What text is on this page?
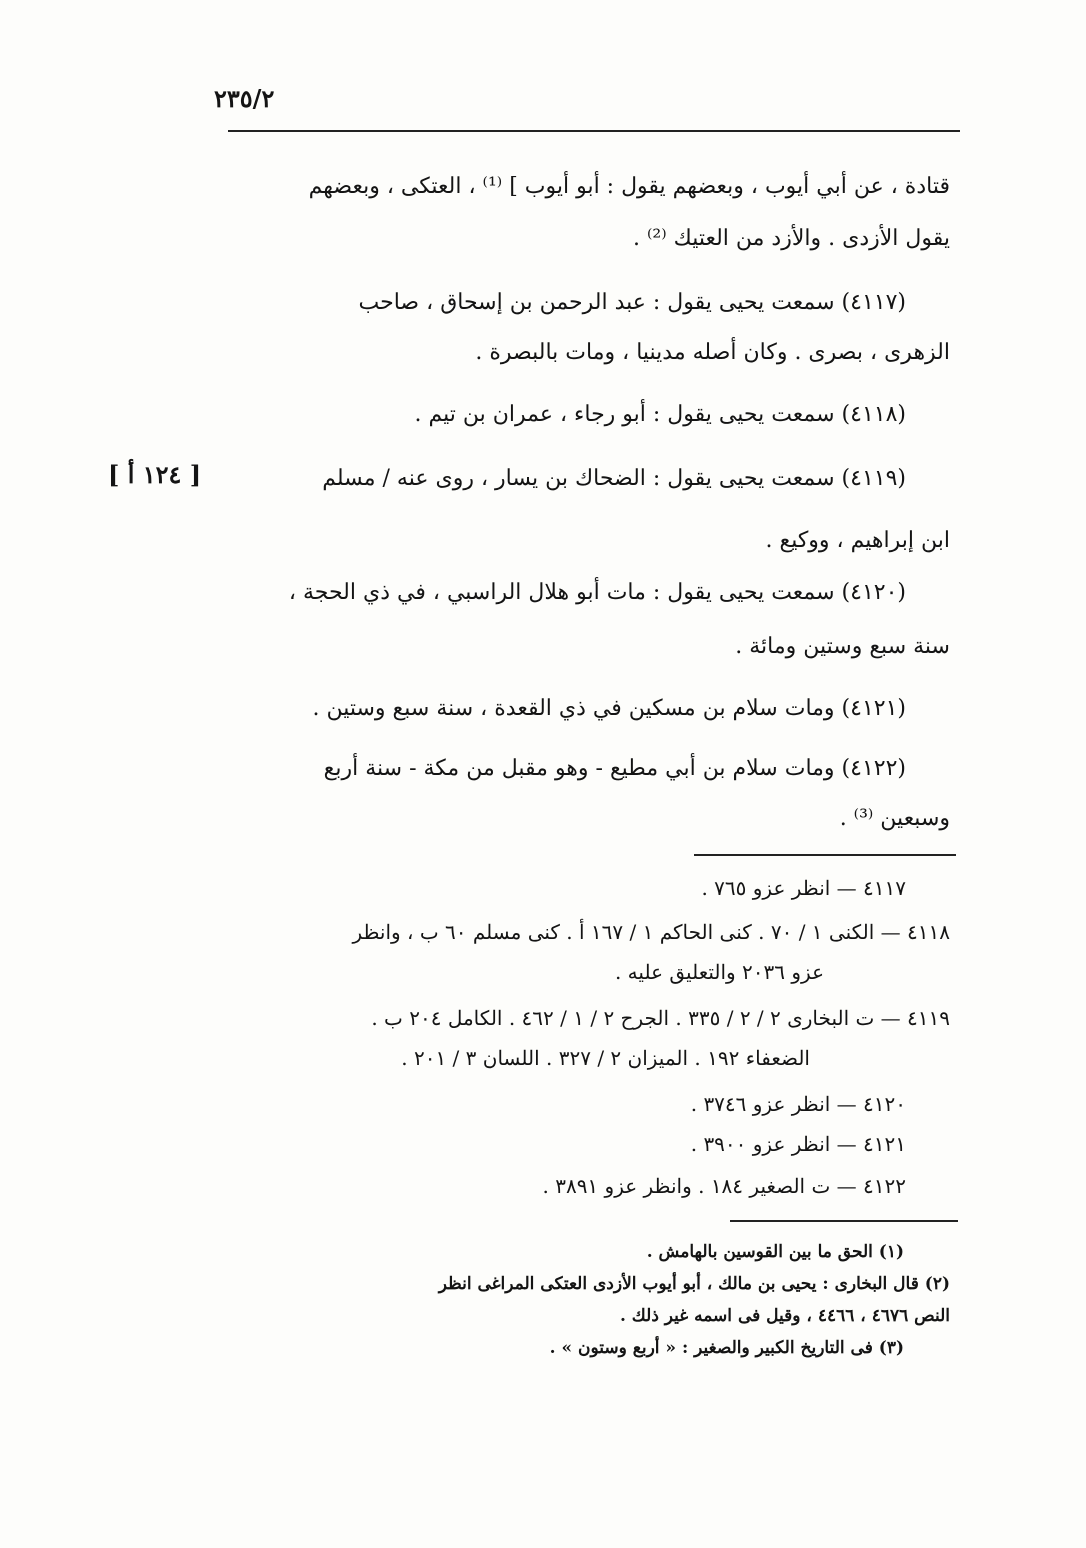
٢٣٥/٢
[ ١٢٤ أ ]
قتادة ، عن أبي أيوب ، وبعضهم يقول : أبو أيوب ] ⁽¹⁾ ، العتكى ، وبعضهم
يقول الأزدى . والأزد من العتيك ⁽²⁾ .
(٤١١٧) سمعت يحيى يقول : عبد الرحمن بن إسحاق ، صاحب
الزهرى ، بصرى . وكان أصله مدينيا ، ومات بالبصرة .
(٤١١٨) سمعت يحيى يقول : أبو رجاء ، عمران بن تيم .
(٤١١٩) سمعت يحيى يقول : الضحاك بن يسار ، روى عنه / مسلم
ابن إبراهيم ، ووكيع .
(٤١٢٠) سمعت يحيى يقول : مات أبو هلال الراسبي ، في ذي الحجة ،
سنة سبع وستين ومائة .
(٤١٢١) ومات سلام بن مسكين في ذي القعدة ، سنة سبع وستين .
(٤١٢٢) ومات سلام بن أبي مطيع - وهو مقبل من مكة - سنة أربع
وسبعين ⁽³⁾ .
٤١١٧ — انظر عزو ٧٦٥ .
٤١١٨ — الكنى ١ / ٧٠ . كنى الحاكم ١ / ١٦٧ أ . كنى مسلم ٦٠ ب ، وانظر
عزو ٢٠٣٦ والتعليق عليه .
٤١١٩ — ت البخارى ٢ / ٢ / ٣٣٥ . الجرح ٢ / ١ / ٤٦٢ . الكامل ٢٠٤ ب .
الضعفاء ١٩٢ . الميزان ٢ / ٣٢٧ . اللسان ٣ / ٢٠١ .
٤١٢٠ — انظر عزو ٣٧٤٦ .
٤١٢١ — انظر عزو ٣٩٠٠ .
٤١٢٢ — ت الصغير ١٨٤ . وانظر عزو ٣٨٩١ .
(١) الحق ما بين القوسين بالهامش .
(٢) قال البخارى : يحيى بن مالك ، أبو أيوب الأزدى العتكى المراغى انظر
النص ٤٦٧٦ ، ٤٤٦٦ ، وقيل فى اسمه غير ذلك .
(٣) فى التاريخ الكبير والصغير : « أربع وستون » .
